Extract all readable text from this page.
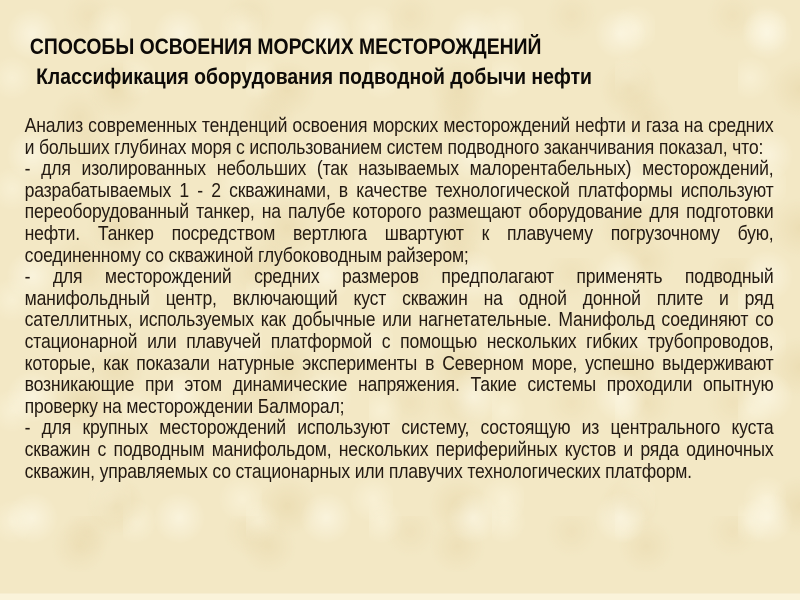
СПОСОБЫ ОСВОЕНИЯ МОРСКИХ МЕСТОРОЖДЕНИЙ
Классификация оборудования подводной добычи нефти

Анализ современных тенденций освоения морских месторождений нефти и газа на средних и больших глубинах моря с использованием систем подводного заканчивания показал, что:

- для изолированных небольших (так называемых малорентабельных) месторождений, разрабатываемых 1 - 2 скважинами, в качестве технологической платформы используют переоборудованный танкер, на палубе которого размещают оборудование для подготовки нефти. Танкер посредством вертлюга швартуют к плавучему погрузочному бую, соединенному со скважиной глубоководным райзером;

- для месторождений средних размеров предполагают применять подводный манифольдный центр, включающий куст скважин на одной донной плите и ряд сателлитных, используемых как добычные или нагнетательные. Манифольд соединяют со стационарной или плавучей платформой с помощью нескольких гибких трубопроводов, которые, как показали натурные эксперименты в Северном море, успешно выдерживают возникающие при этом динамические напряжения. Такие системы проходили опытную проверку на месторождении Балморал;

- для крупных месторождений используют систему, состоящую из центрального куста скважин с подводным манифольдом, нескольких периферийных кустов и ряда одиночных скважин, управляемых со стационарных или плавучих технологических платформ.
